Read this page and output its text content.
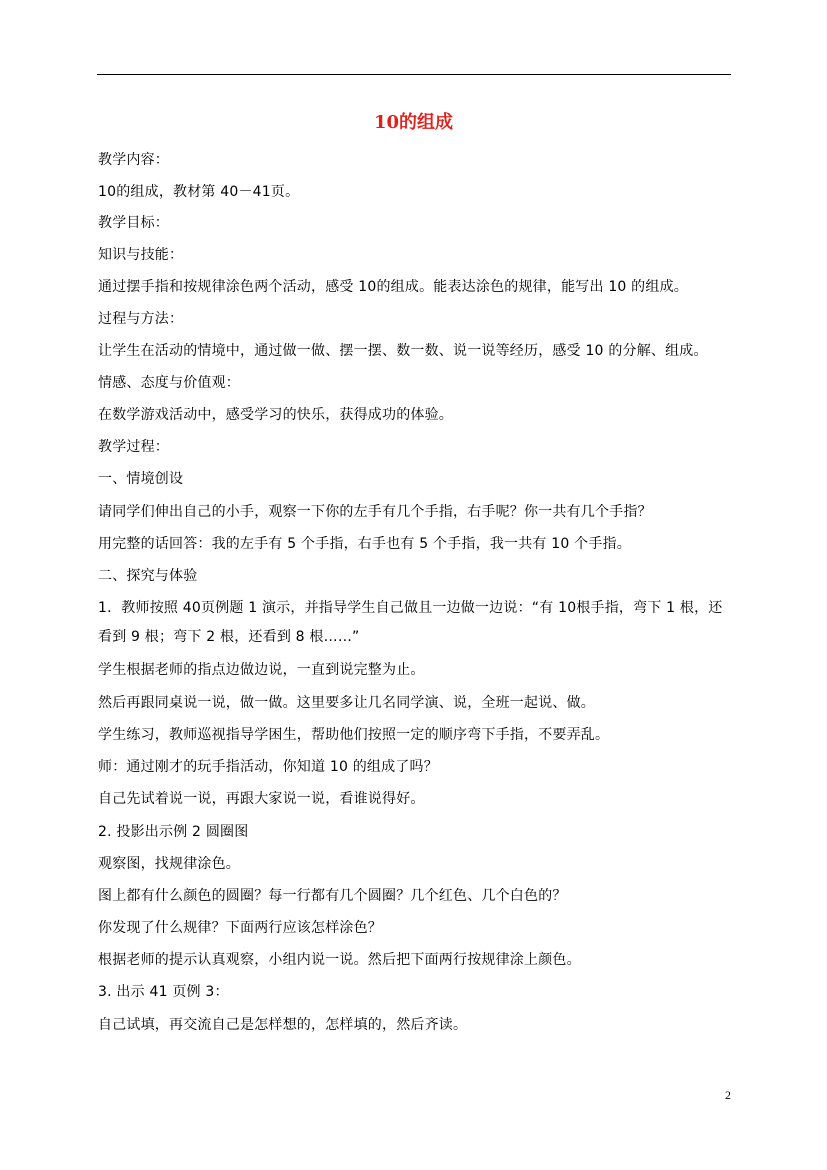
10的组成
教学内容：
10的组成，教材第 40－41页。
教学目标：
知识与技能：
通过摆手指和按规律涂色两个活动，感受 10的组成。能表达涂色的规律，能写出 10 的组成。
过程与方法：
让学生在活动的情境中，通过做一做、摆一摆、数一数、说一说等经历，感受 10 的分解、组成。
情感、态度与价值观：
在数学游戏活动中，感受学习的快乐，获得成功的体验。
教学过程：
一、情境创设
请同学们伸出自己的小手，观察一下你的左手有几个手指，右手呢？你一共有几个手指？
用完整的话回答：我的左手有 5 个手指，右手也有 5 个手指，我一共有 10 个手指。
二、探究与体验
1．教师按照 40页例题 1 演示，并指导学生自己做且一边做一边说：“有 10根手指，弯下 1 根，还
看到 9 根；弯下 2 根，还看到 8 根……”
学生根据老师的指点边做边说，一直到说完整为止。
然后再跟同桌说一说，做一做。这里要多让几名同学演、说，全班一起说、做。
学生练习，教师巡视指导学困生，帮助他们按照一定的顺序弯下手指，不要弄乱。
师：通过刚才的玩手指活动，你知道 10 的组成了吗？
自己先试着说一说，再跟大家说一说，看谁说得好。
2. 投影出示例 2 圆圈图
观察图，找规律涂色。
图上都有什么颜色的圆圈？每一行都有几个圆圈？几个红色、几个白色的？
你发现了什么规律？下面两行应该怎样涂色？
根据老师的提示认真观察，小组内说一说。然后把下面两行按规律涂上颜色。
3. 出示 41 页例 3：
自己试填，再交流自己是怎样想的，怎样填的，然后齐读。
2
